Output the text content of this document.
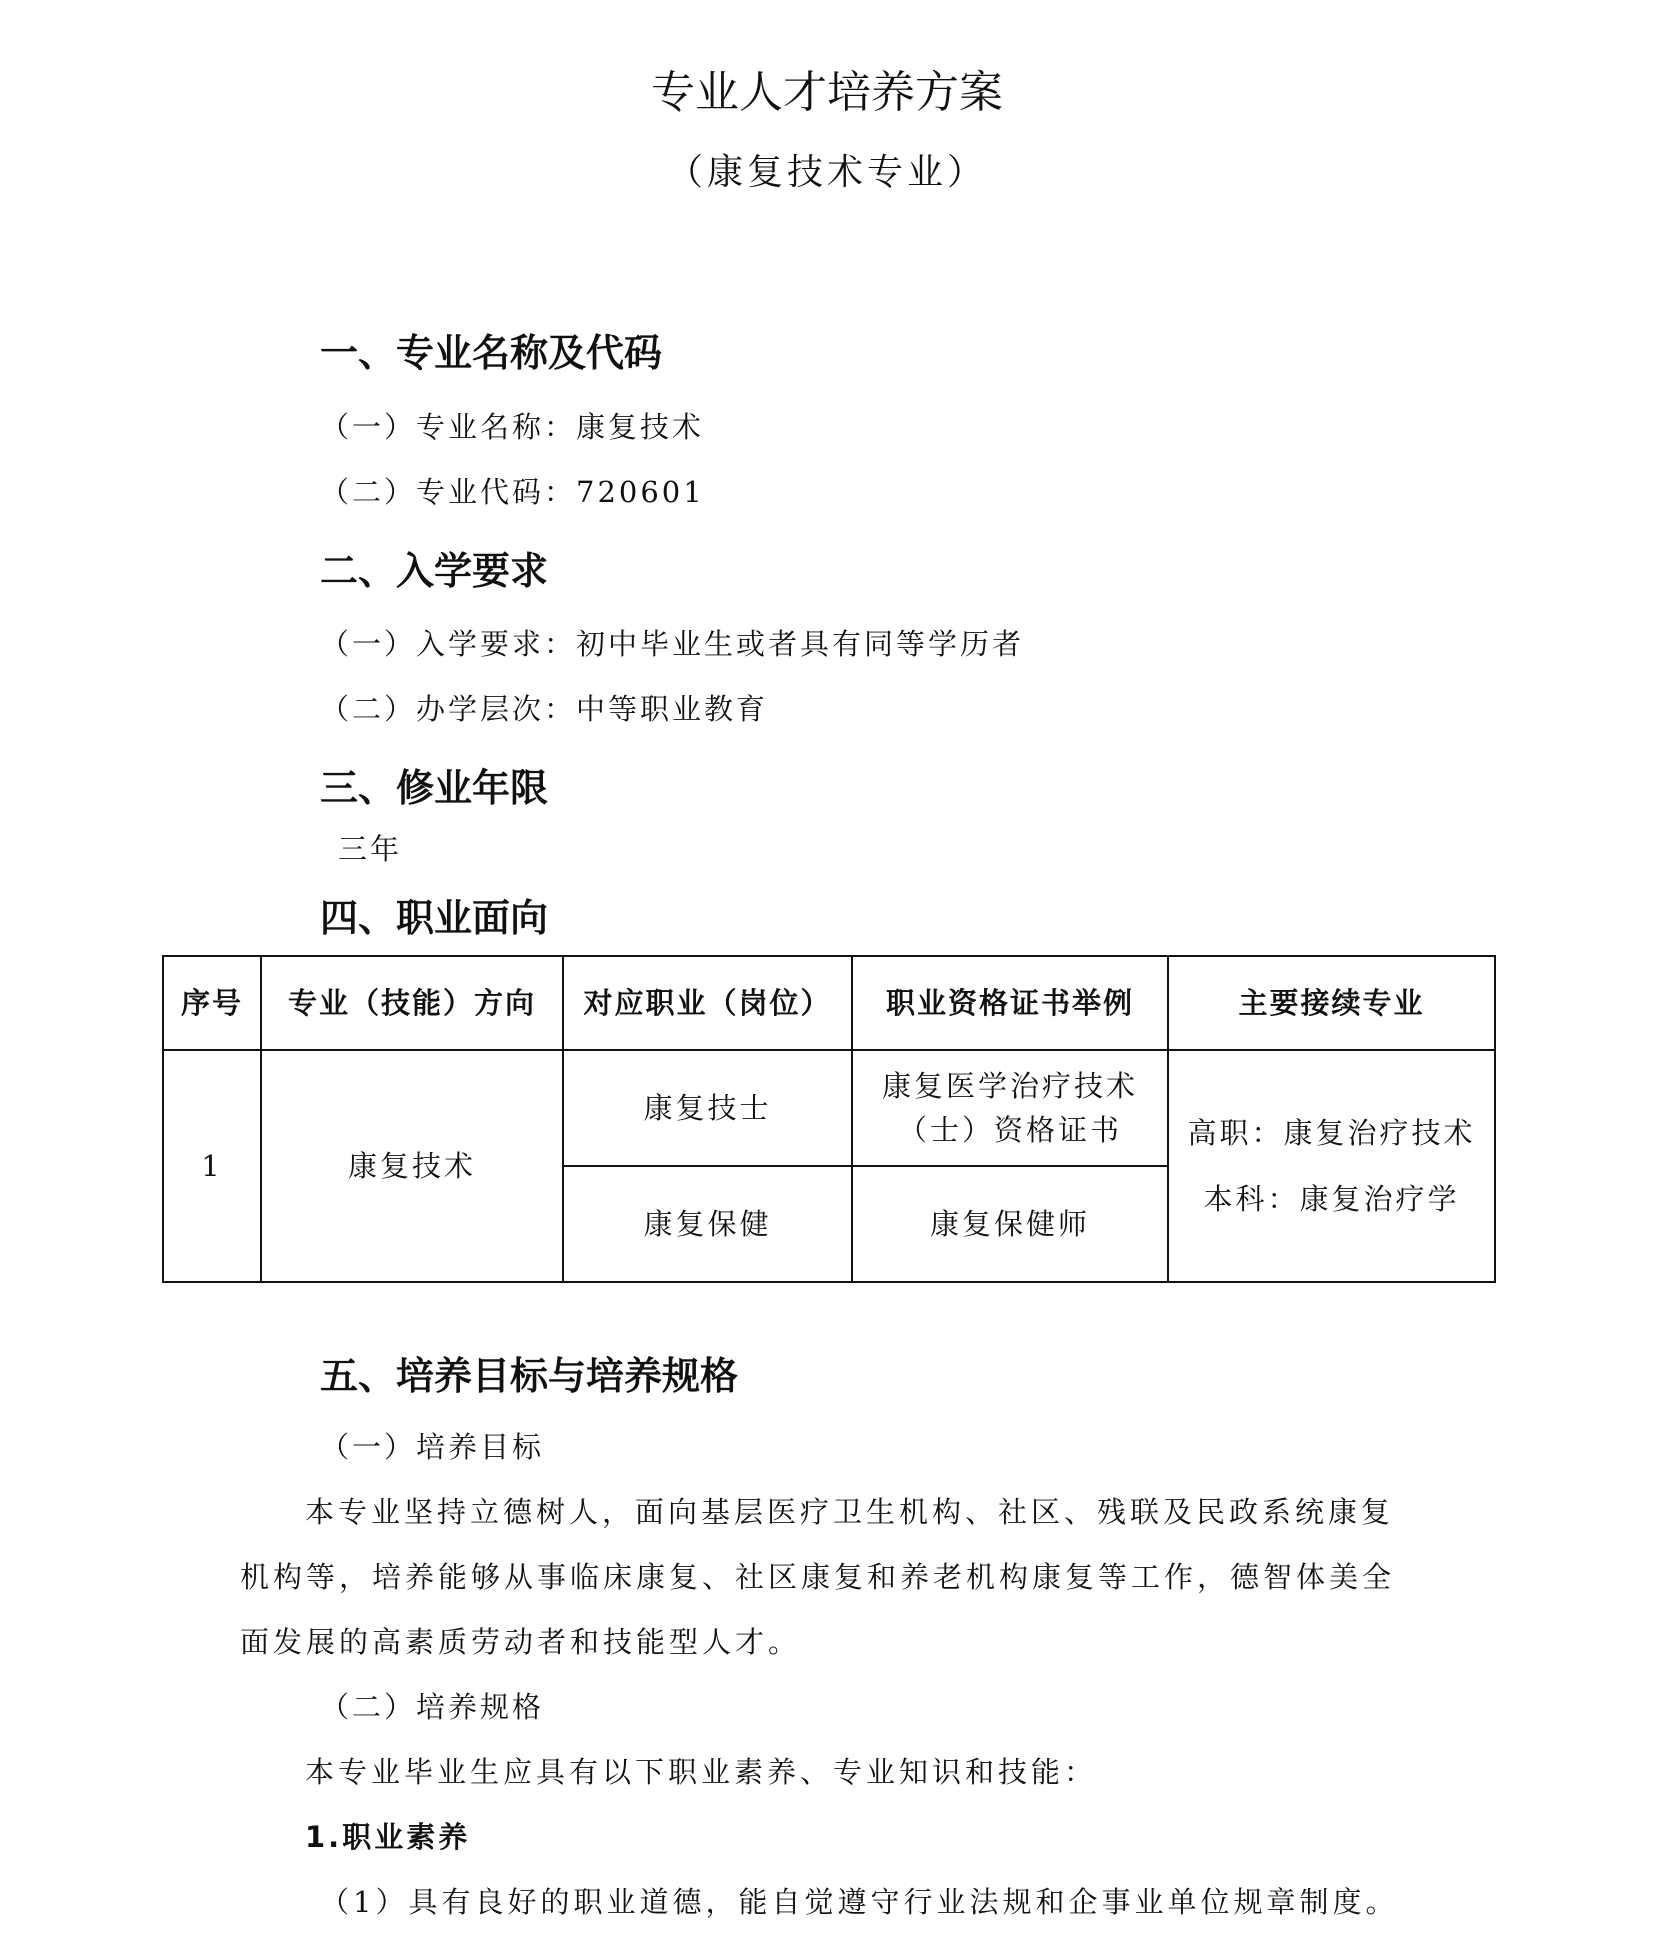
专业人才培养方案
（康复技术专业）
一、专业名称及代码
（一）专业名称：康复技术
（二）专业代码：720601
二、入学要求
（一）入学要求：初中毕业生或者具有同等学历者
（二）办学层次：中等职业教育
三、修业年限
三年
四、职业面向
序号	专业（技能）方向	对应职业（岗位）	职业资格证书举例	主要接续专业
1	康复技术	康复技士	康复医学治疗技术（士）资格证书	高职：康复治疗技术
本科：康复治疗学

		康复保健	康复保健师	
五、培养目标与培养规格
（一）培养目标
本专业坚持立德树人，面向基层医疗卫生机构、社区、残联及民政系统康复
机构等，培养能够从事临床康复、社区康复和养老机构康复等工作，德智体美全
面发展的高素质劳动者和技能型人才。
（二）培养规格
本专业毕业生应具有以下职业素养、专业知识和技能：
1.职业素养
（1）具有良好的职业道德，能自觉遵守行业法规和企事业单位规章制度。
